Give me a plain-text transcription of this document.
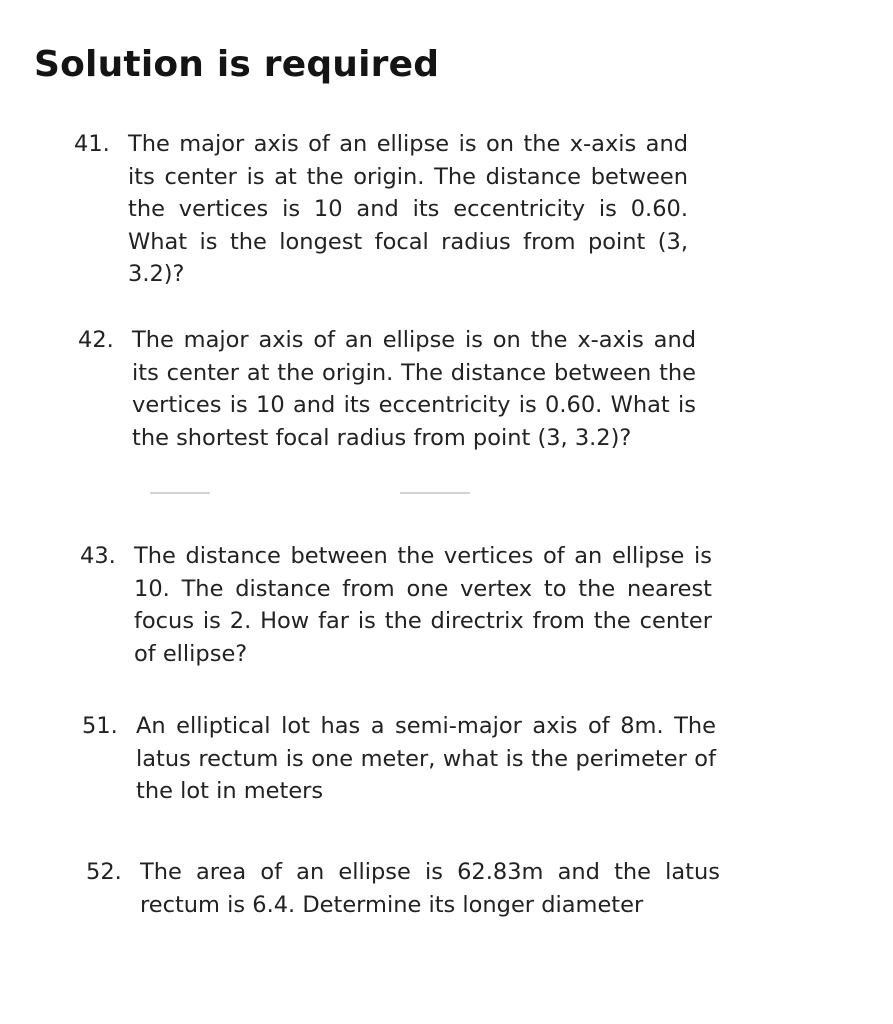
Solution is required
41. The major axis of an ellipse is on the x-axis and its center is at the origin. The distance between the vertices is 10 and its eccentricity is 0.60. What is the longest focal radius from point (3, 3.2)?

42. The major axis of an ellipse is on the x-axis and its center at the origin. The distance between the vertices is 10 and its eccentricity is 0.60. What is the shortest focal radius from point (3, 3.2)?

43. The distance between the vertices of an ellipse is 10. The distance from one vertex to the nearest focus is 2. How far is the directrix from the center of ellipse?

51. An elliptical lot has a semi-major axis of 8m. The latus rectum is one meter, what is the perimeter of the lot in meters

52. The area of an ellipse is 62.83m and the latus rectum is 6.4. Determine its longer diameter
